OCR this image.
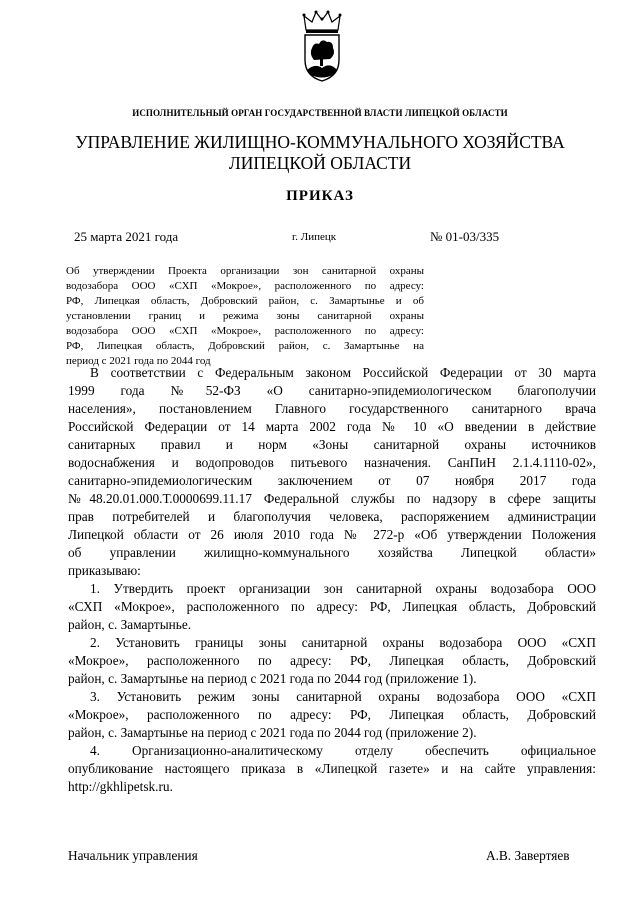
ИСПОЛНИТЕЛЬНЫЙ ОРГАН ГОСУДАРСТВЕННОЙ ВЛАСТИ ЛИПЕЦКОЙ ОБЛАСТИ
УПРАВЛЕНИЕ ЖИЛИЩНО-КОММУНАЛЬНОГО ХОЗЯЙСТВА
ЛИПЕЦКОЙ ОБЛАСТИ
ПРИКАЗ
25 марта 2021 года	г. Липецк	№ 01-03/335
Об утверждении Проекта организации зон санитарной охраны
водозабора ООО «СХП «Мокрое», расположенного по адресу:
РФ, Липецкая область, Добровский район, с. Замартынье и об
установлении границ и режима зоны санитарной охраны
водозабора ООО «СХП «Мокрое», расположенного по адресу:
РФ, Липецкая область, Добровский район, с. Замартынье на
период с 2021 года по 2044 год
В соответствии с Федеральным законом Российской Федерации от 30 марта
1999 года №52-ФЗ «О санитарно-эпидемиологическом благополучии
населения», постановлением Главного государственного санитарного врача
Российской Федерации от 14 марта 2002 года № 10 «О введении в действие
санитарных правил и норм «Зоны санитарной охраны источников
водоснабжения и водопроводов питьевого назначения. СанПиН 2.1.4.1110-02»,
санитарно-эпидемиологическим заключением от 07 ноября 2017 года
№48.20.01.000.Т.0000699.11.17 Федеральной службы по надзору в сфере защиты
прав потребителей и благополучия человека, распоряжением администрации
Липецкой области от 26 июля 2010 года № 272-р «Об утверждении Положения
об управлении жилищно-коммунального хозяйства Липецкой области»
приказываю:
1. Утвердить проект организации зон санитарной охраны водозабора ООО
«СХП «Мокрое», расположенного по адресу: РФ, Липецкая область, Добровский
район, с. Замартынье.
2. Установить границы зоны санитарной охраны водозабора ООО «СХП
«Мокрое», расположенного по адресу: РФ, Липецкая область, Добровский
район, с. Замартынье на период с 2021 года по 2044 год (приложение 1).
3. Установить режим зоны санитарной охраны водозабора ООО «СХП
«Мокрое», расположенного по адресу: РФ, Липецкая область, Добровский
район, с. Замартынье на период с 2021 года по 2044 год (приложение 2).
4. Организационно-аналитическому отделу обеспечить официальное
опубликование настоящего приказа в «Липецкой газете» и на сайте управления:
http://gkhlipetsk.ru.
Начальник управления	А.В. Завертяев
